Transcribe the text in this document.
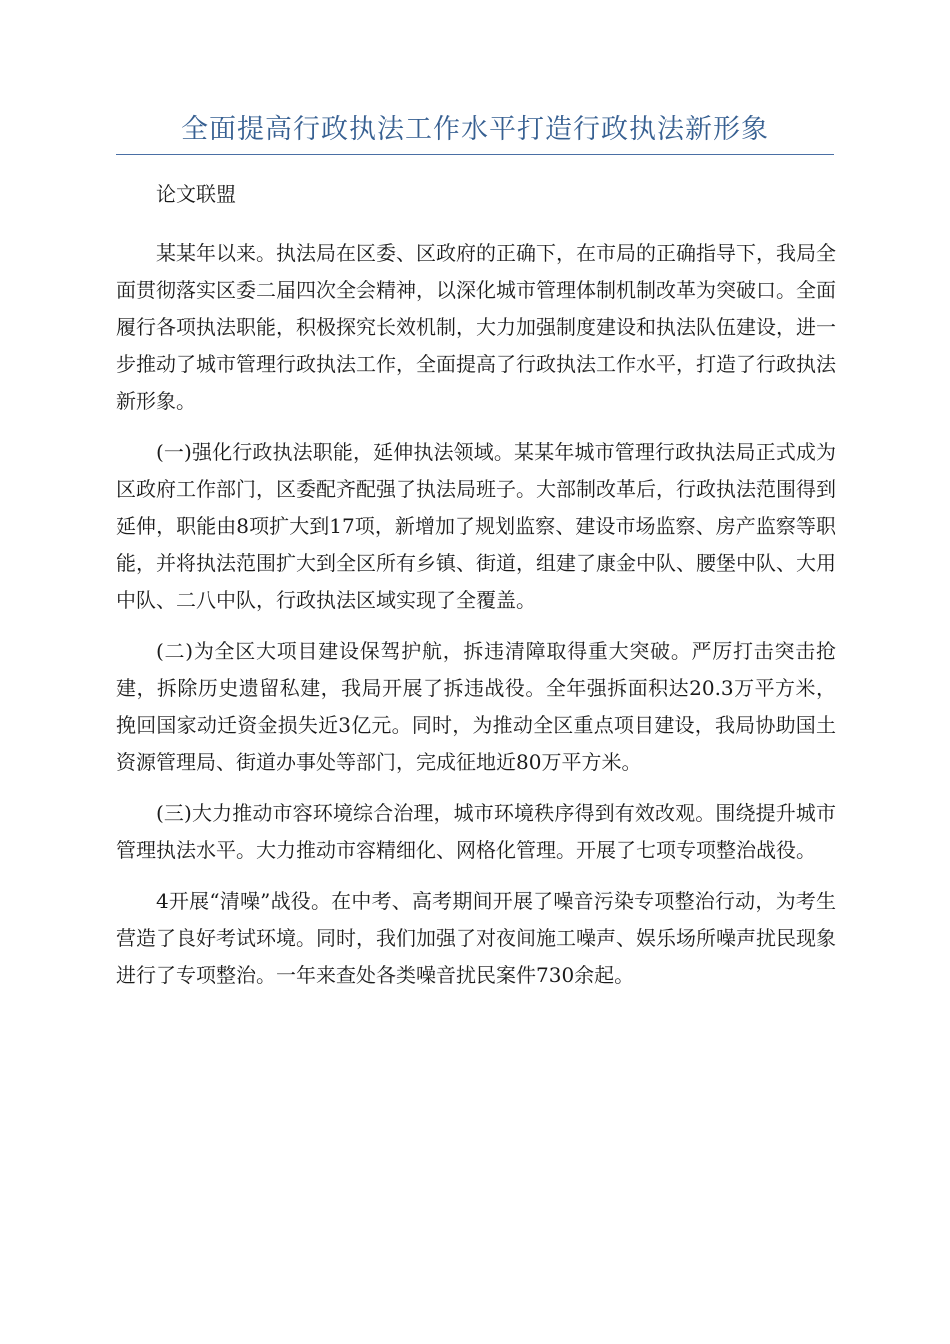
全面提高行政执法工作水平打造行政执法新形象

论文联盟

某某年以来。执法局在区委、区政府的正确下，在市局的正确指导下，我局全面贯彻落实区委二届四次全会精神，以深化城市管理体制机制改革为突破口。全面履行各项执法职能，积极探究长效机制，大力加强制度建设和执法队伍建设，进一步推动了城市管理行政执法工作，全面提高了行政执法工作水平，打造了行政执法新形象。

(一)强化行政执法职能，延伸执法领域。某某年城市管理行政执法局正式成为区政府工作部门，区委配齐配强了执法局班子。大部制改革后，行政执法范围得到延伸，职能由8项扩大到17项，新增加了规划监察、建设市场监察、房产监察等职能，并将执法范围扩大到全区所有乡镇、街道，组建了康金中队、腰堡中队、大用中队、二八中队，行政执法区域实现了全覆盖。

(二)为全区大项目建设保驾护航，拆违清障取得重大突破。严厉打击突击抢建，拆除历史遗留私建，我局开展了拆违战役。全年强拆面积达20.3万平方米，挽回国家动迁资金损失近3亿元。同时，为推动全区重点项目建设，我局协助国土资源管理局、街道办事处等部门，完成征地近80万平方米。

(三)大力推动市容环境综合治理，城市环境秩序得到有效改观。围绕提升城市管理执法水平。大力推动市容精细化、网格化管理。开展了七项专项整治战役。

4开展“清噪”战役。在中考、高考期间开展了噪音污染专项整治行动，为考生营造了良好考试环境。同时，我们加强了对夜间施工噪声、娱乐场所噪声扰民现象进行了专项整治。一年来查处各类噪音扰民案件730余起。
